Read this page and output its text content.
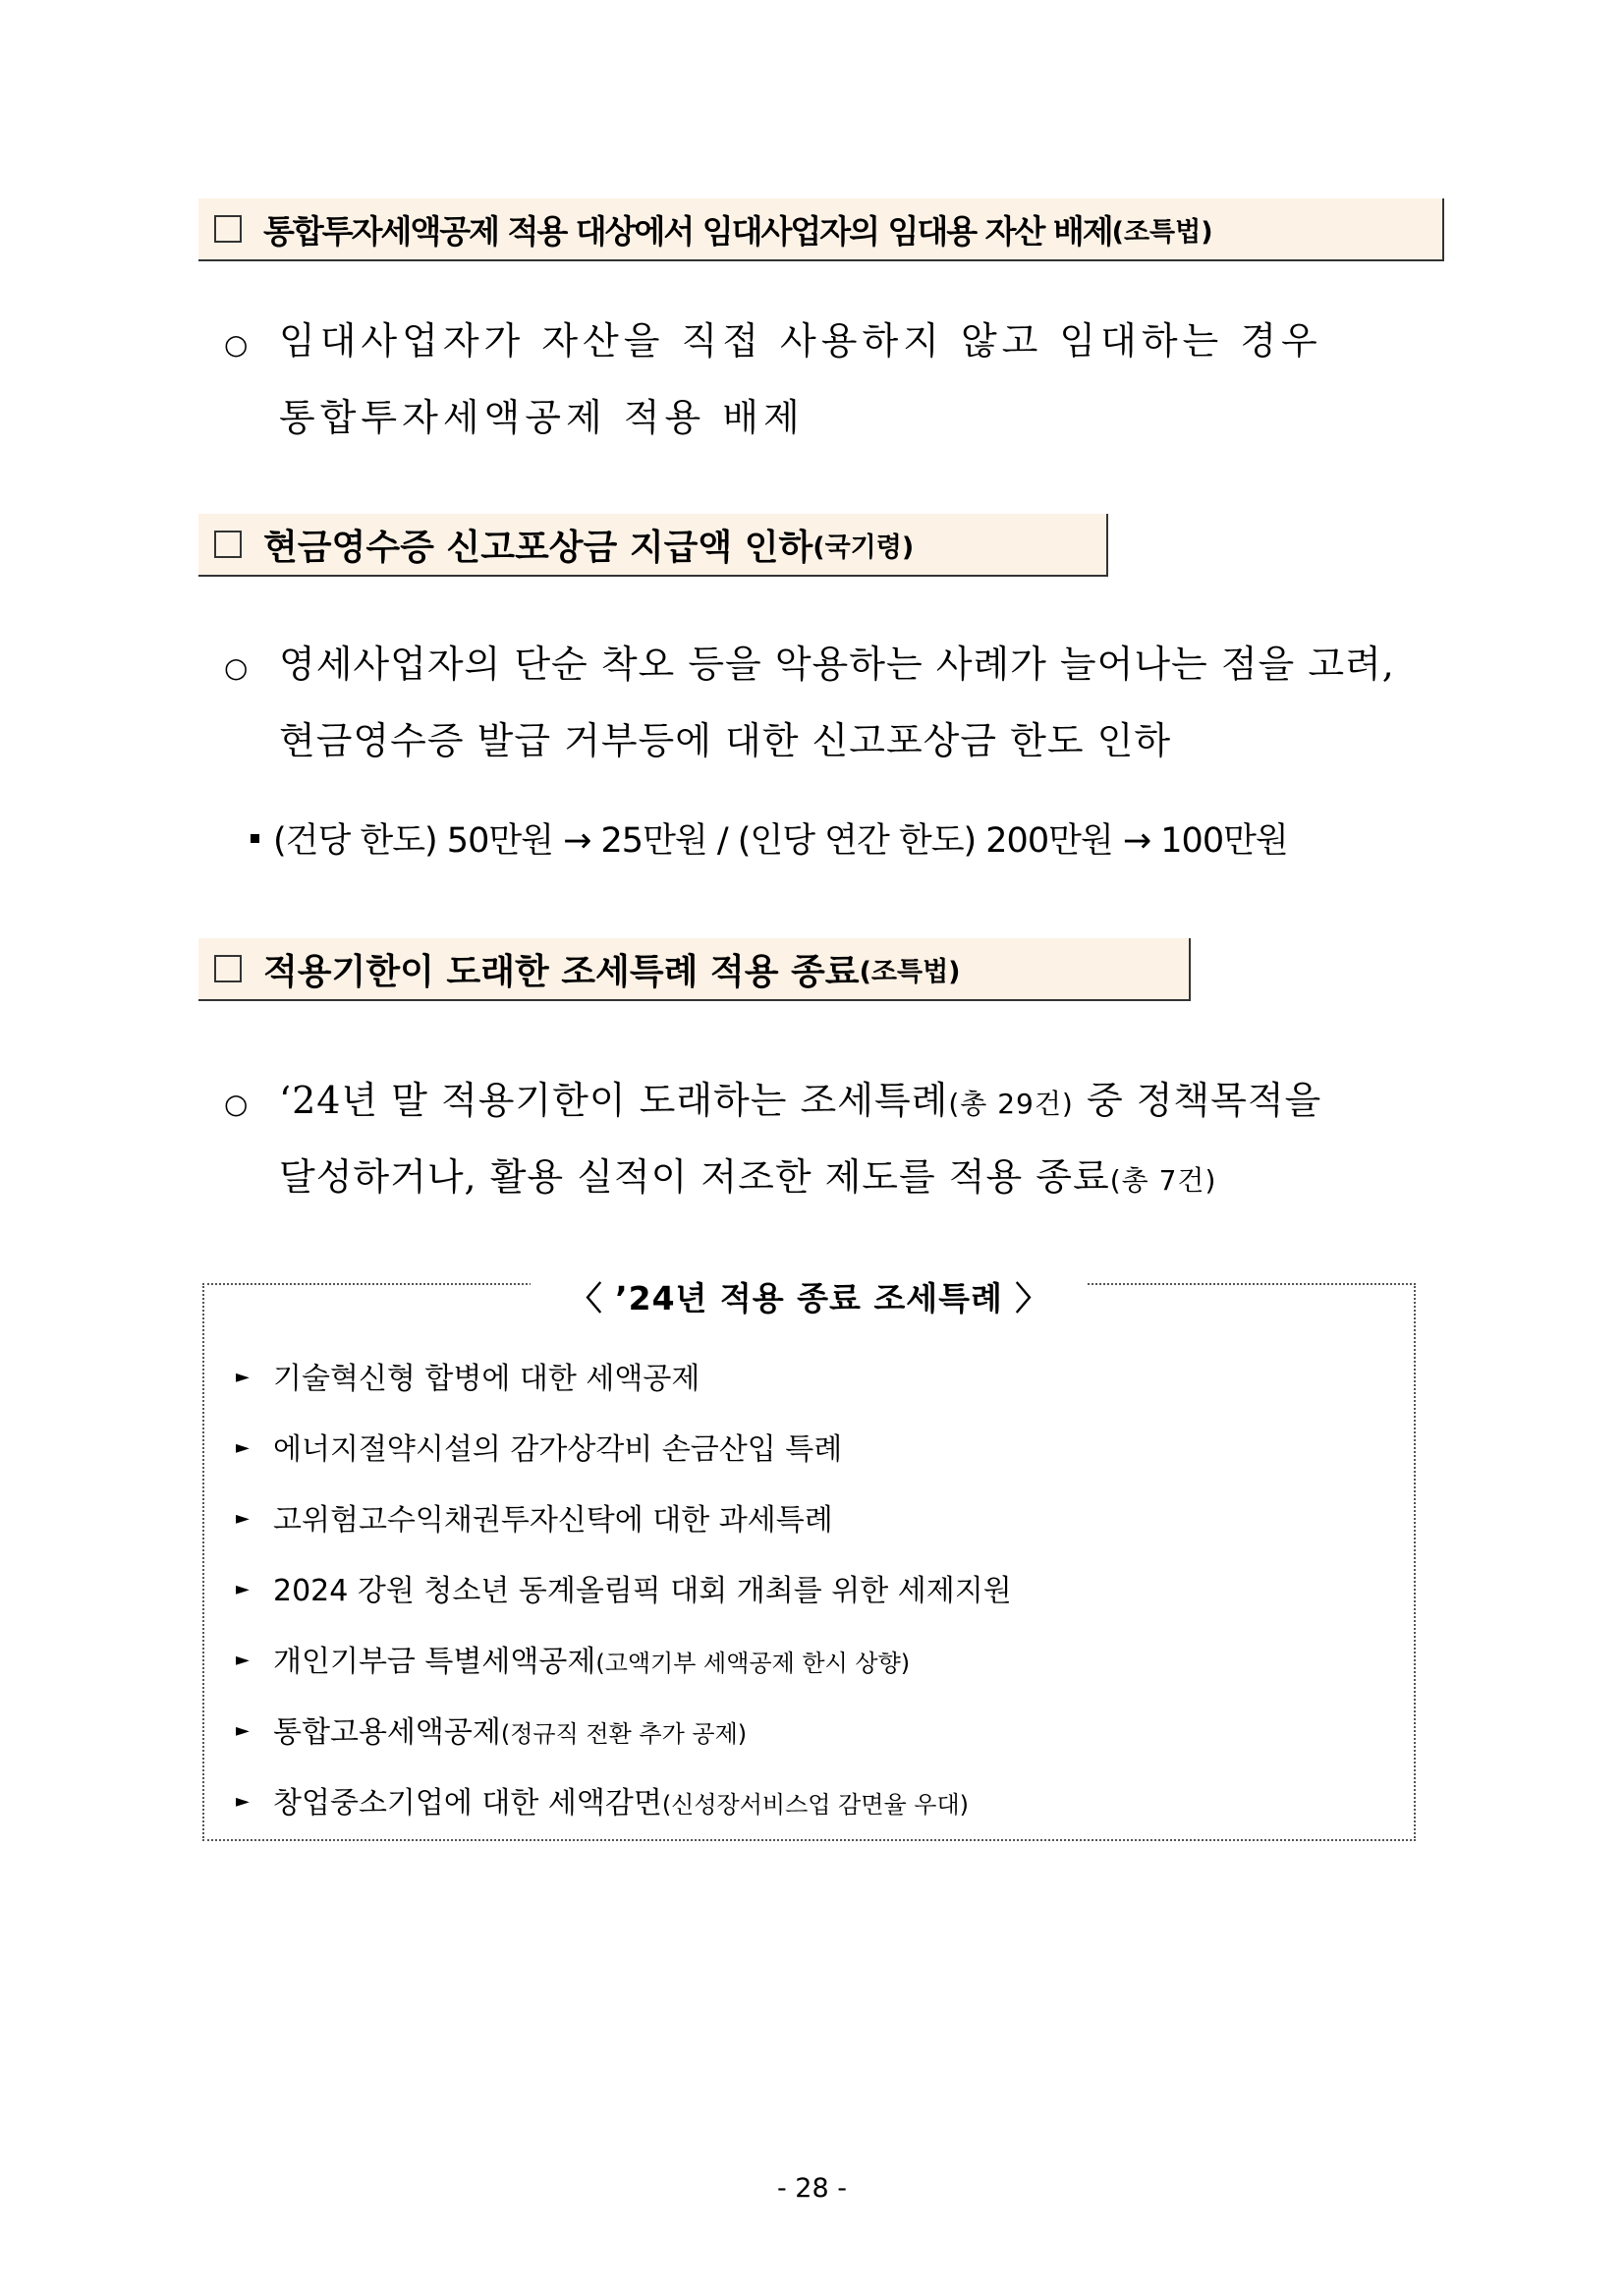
통합투자세액공제 적용 대상에서 임대사업자의 임대용 자산 배제 (조특법)
○ 임대사업자가 자산을 직접 사용하지 않고 임대하는 경우
통합투자세액공제 적용 배제
현금영수증 신고포상금 지급액 인하 (국기령)
○ 영세사업자의 단순 착오 등을 악용하는 사례가 늘어나는 점을 고려,
현금영수증 발급 거부등에 대한 신고포상금 한도 인하
(건당 한도) 50만원 → 25만원 / (인당 연간 한도) 200만원 → 100만원
적용기한이 도래한 조세특례 적용 종료 (조특법)
○ ‘24년 말 적용기한이 도래하는 조세특례(총 29건) 중 정책목적을
달성하거나, 활용 실적이 저조한 제도를 적용 종료(총 7건)
〈 ’24년 적용 종료 조세특례 〉
► 기술혁신형 합병에 대한 세액공제
► 에너지절약시설의 감가상각비 손금산입 특례
► 고위험고수익채권투자신탁에 대한 과세특례
► 2024 강원 청소년 동계올림픽 대회 개최를 위한 세제지원
► 개인기부금 특별세액공제(고액기부 세액공제 한시 상향)
► 통합고용세액공제(정규직 전환 추가 공제)
► 창업중소기업에 대한 세액감면(신성장서비스업 감면율 우대)
- 28 -
